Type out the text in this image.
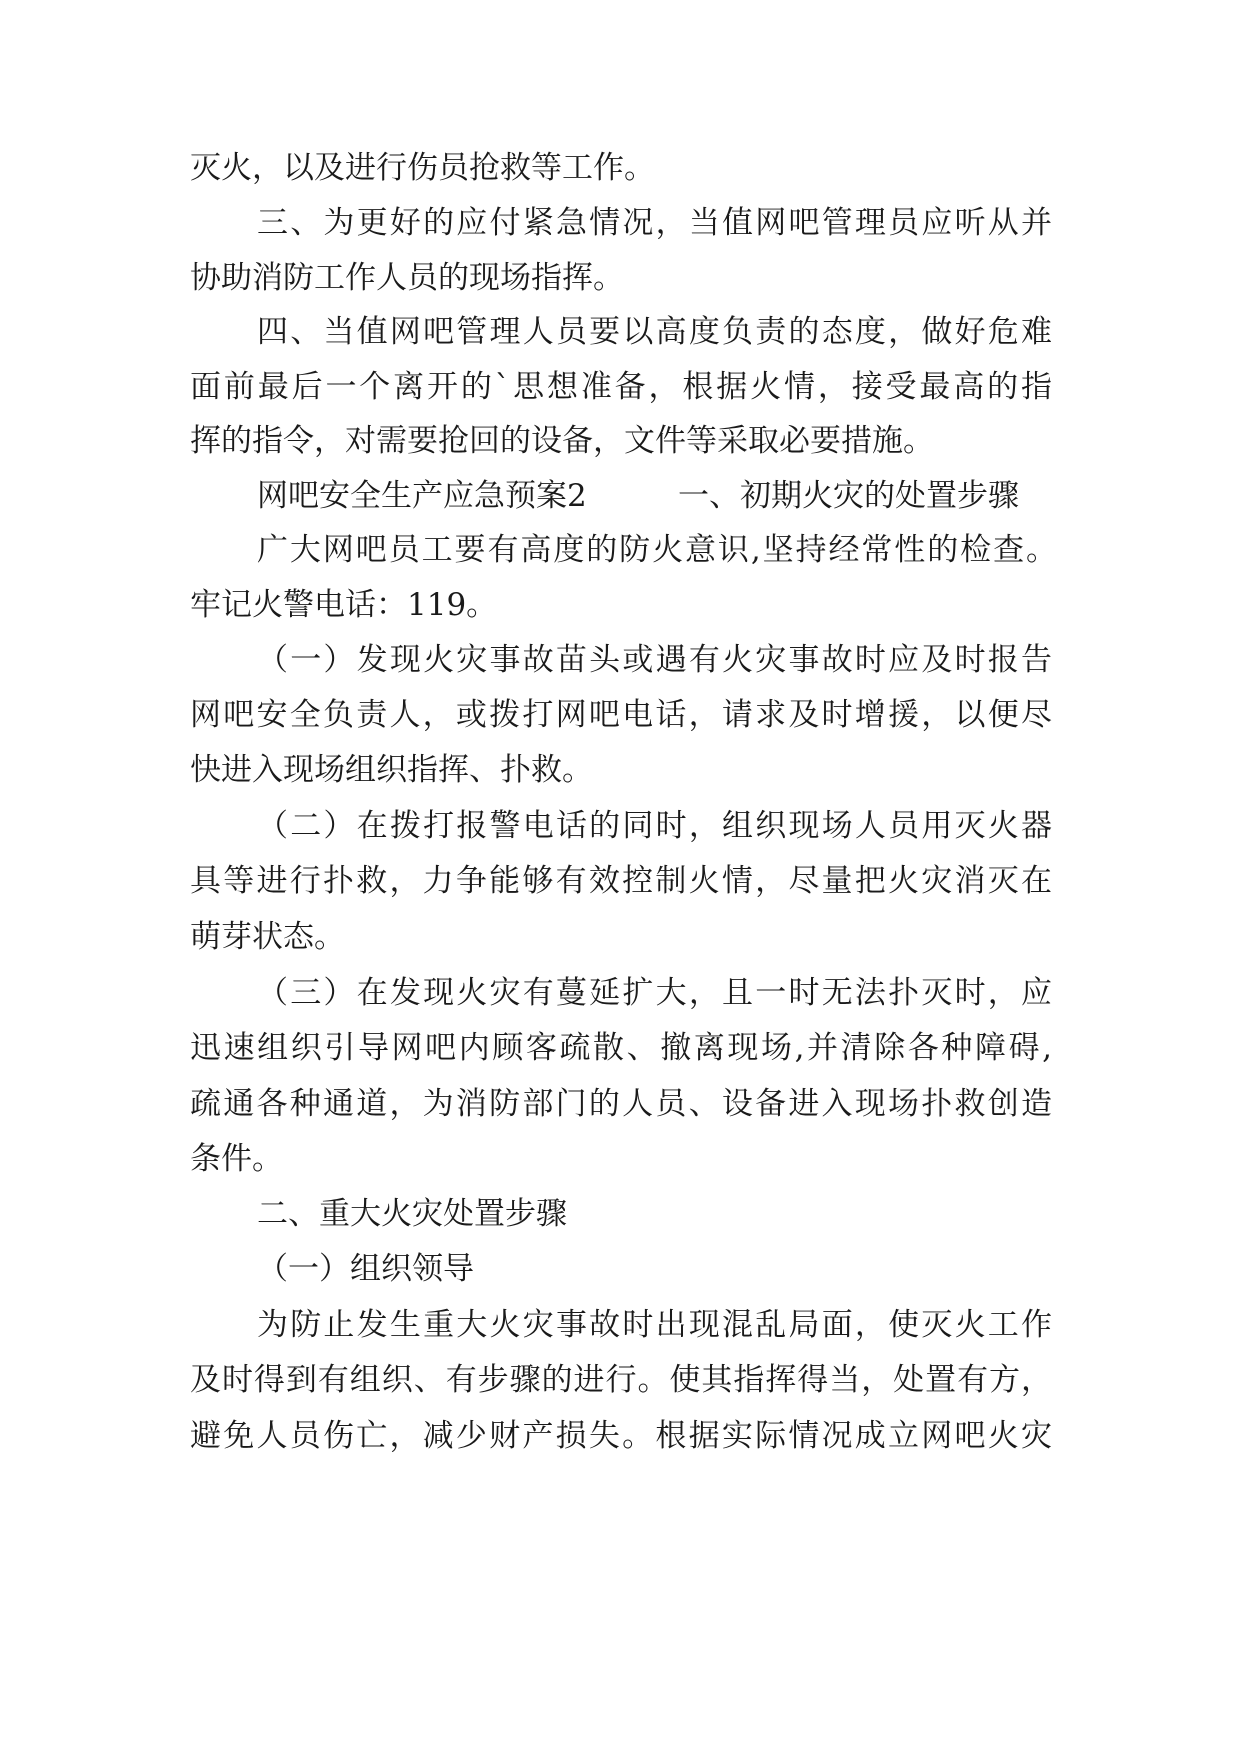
灭火，以及进行伤员抢救等工作。
三、为更好的应付紧急情况，当值网吧管理员应听从并
协助消防工作人员的现场指挥。
四、当值网吧管理人员要以高度负责的态度，做好危难
面前最后一个离开的`思想准备，根据火情，接受最高的指
挥的指令，对需要抢回的设备，文件等采取必要措施。
网吧安全生产应急预案2	一、初期火灾的处置步骤
广大网吧员工要有高度的防火意识,坚持经常性的检查。
牢记火警电话：119。
（一）发现火灾事故苗头或遇有火灾事故时应及时报告
网吧安全负责人，或拨打网吧电话，请求及时增援，以便尽
快进入现场组织指挥、扑救。
（二）在拨打报警电话的同时，组织现场人员用灭火器
具等进行扑救，力争能够有效控制火情，尽量把火灾消灭在
萌芽状态。
（三）在发现火灾有蔓延扩大，且一时无法扑灭时，应
迅速组织引导网吧内顾客疏散、撤离现场,并清除各种障碍,
疏通各种通道，为消防部门的人员、设备进入现场扑救创造
条件。
二、重大火灾处置步骤
（一）组织领导
为防止发生重大火灾事故时出现混乱局面，使灭火工作
及时得到有组织、有步骤的进行。使其指挥得当，处置有方，
避免人员伤亡，减少财产损失。根据实际情况成立网吧火灾
